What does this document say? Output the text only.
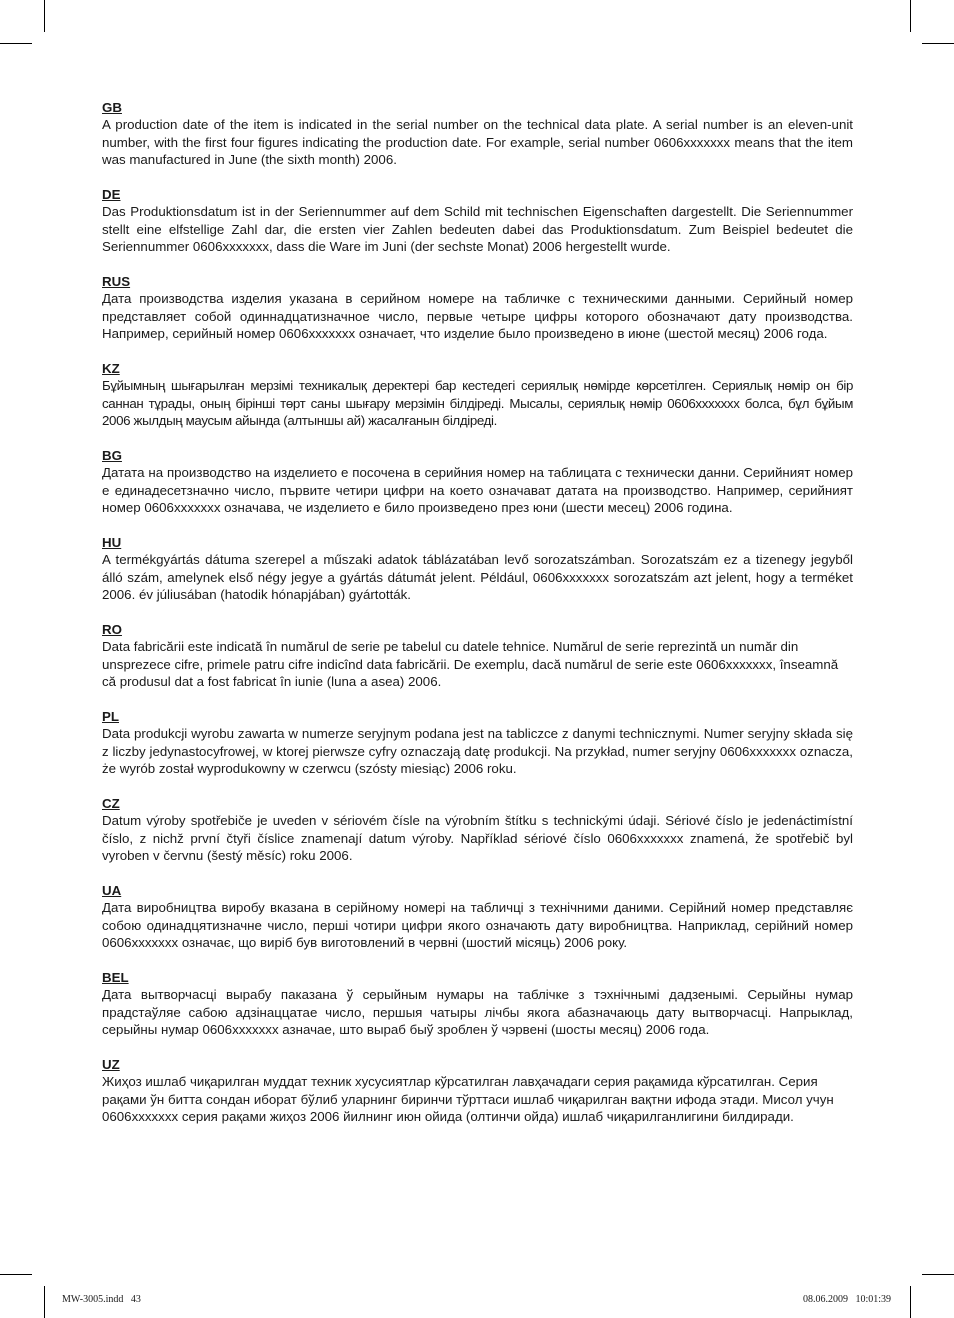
GB
A production date of the item is indicated in the serial number on the technical data plate. A serial number is an eleven-unit number, with the first four figures indicating the production date. For example, serial number 0606xxxxxxx means that the item was manufactured in June (the sixth month) 2006.
DE
Das Produktionsdatum ist in der Seriennummer auf dem Schild mit technischen Eigenschaften dargestellt. Die Seriennummer stellt eine elfstellige Zahl dar, die ersten vier Zahlen bedeuten dabei das Produktionsdatum. Zum Beispiel bedeutet die Seriennummer 0606xxxxxxx, dass die Ware im Juni (der sechste Monat) 2006 hergestellt wurde.
RUS
Дата производства изделия указана в серийном номере на табличке с техническими данными. Серийный номер представляет собой одиннадцатизначное число, первые четыре цифры которого обозначают дату производства. Например, серийный номер 0606xxxxxxx означает, что изделие было произведено в июне (шестой месяц) 2006 года.
KZ
Бұйымның шығарылған мерзімі техникалық деректері бар кестедегі сериялық нөмірде көрсетілген. Сериялық нөмір он бір саннан тұрады, оның бірінші төрт саны шығару мерзімін білдіреді. Мысалы, сериялық нөмір 0606xxxxxxx болса, бұл бұйым 2006 жылдың маусым айында (алтыншы ай) жасалғанын білдіреді.
BG
Датата на производство на изделието е посочена в серийния номер на таблицата с технически данни. Серийният номер е единадесетзначно число, първите четири цифри на което означават датата на производство. Например, серийният номер 0606xxxxxxx означава, че изделието е било произведено през юни (шести месец) 2006 година.
HU
A termékgyártás dátuma szerepel a műszaki adatok táblázatában levő sorozatszámban. Sorozatszám ez a tizenegy jegyből álló szám, amelynek első négy jegye a gyártás dátumát jelent. Például, 0606xxxxxxx sorozatszám azt jelent, hogy a terméket 2006. év júliusában (hatodik hónapjában) gyártották.
RO
Data fabricării este indicată în numărul de serie pe tabelul cu datele tehnice. Numărul de serie reprezintă un număr din unsprezece cifre, primele patru cifre indicînd data fabricării. De exemplu, dacă numărul de serie este 0606xxxxxxx, înseamnă că produsul dat a fost fabricat în iunie (luna a asea) 2006.
PL
Data produkcji wyrobu zawarta w numerze seryjnym podana jest na tabliczce z danymi technicznymi. Numer seryjny składa się z liczby jedynastocyfrowej, w ktorej pierwsze cyfry oznaczają datę produkcji. Na przykład, numer seryjny 0606xxxxxxx oznacza, że wyrób został wyprodukowny w czerwcu (szósty miesiąc) 2006 roku.
CZ
Datum výroby spotřebiče je uveden v sériovém čísle na výrobním štítku s technickými údaji. Sériové číslo je jedenáctimístní číslo, z nichž první čtyři číslice znamenají datum výroby. Například sériové číslo 0606xxxxxxx znamená, že spotřebič byl vyroben v červnu (šestý měsíc) roku 2006.
UA
Дата виробництва виробу вказана в серійному номері на табличці з технічними даними. Серійний номер представляє собою одинадцятизначне число, перші чотири цифри якого означають дату виробництва. Наприклад, серійний номер 0606xxxxxxx означає, що виріб був виготовлений в червні (шостий місяць) 2006 року.
BEL
Дата вытворчасці вырабу паказана ў серыйным нумары на таблічке з тэхнічнымі дадзенымі. Серыйны нумар прадстаўляе сабою адзінаццатае число, першыя чатыры лічбы якога абазначаюць дату вытворчасці. Напрыклад, серыйны нумар 0606xxxxxxx азначае, што выраб быў зроблен ў чэрвені (шосты месяц) 2006 года.
UZ
Жиҳоз ишлаб чиқарилган муддат техник хусусиятлар кўрсатилган лавҳачадаги серия рақамида кўрсатилган. Серия рақами ўн битта сондан иборат бўлиб уларнинг биринчи тўрттаси ишлаб чиқарилган вақтни ифода этади. Мисол учун 0606xxxxxxx серия рақами жиҳоз 2006 йилнинг июн ойида (олтинчи ойда) ишлаб чиқарилганлигини билдиради.
MW-3005.indd   43	08.06.2009   10:01:39
